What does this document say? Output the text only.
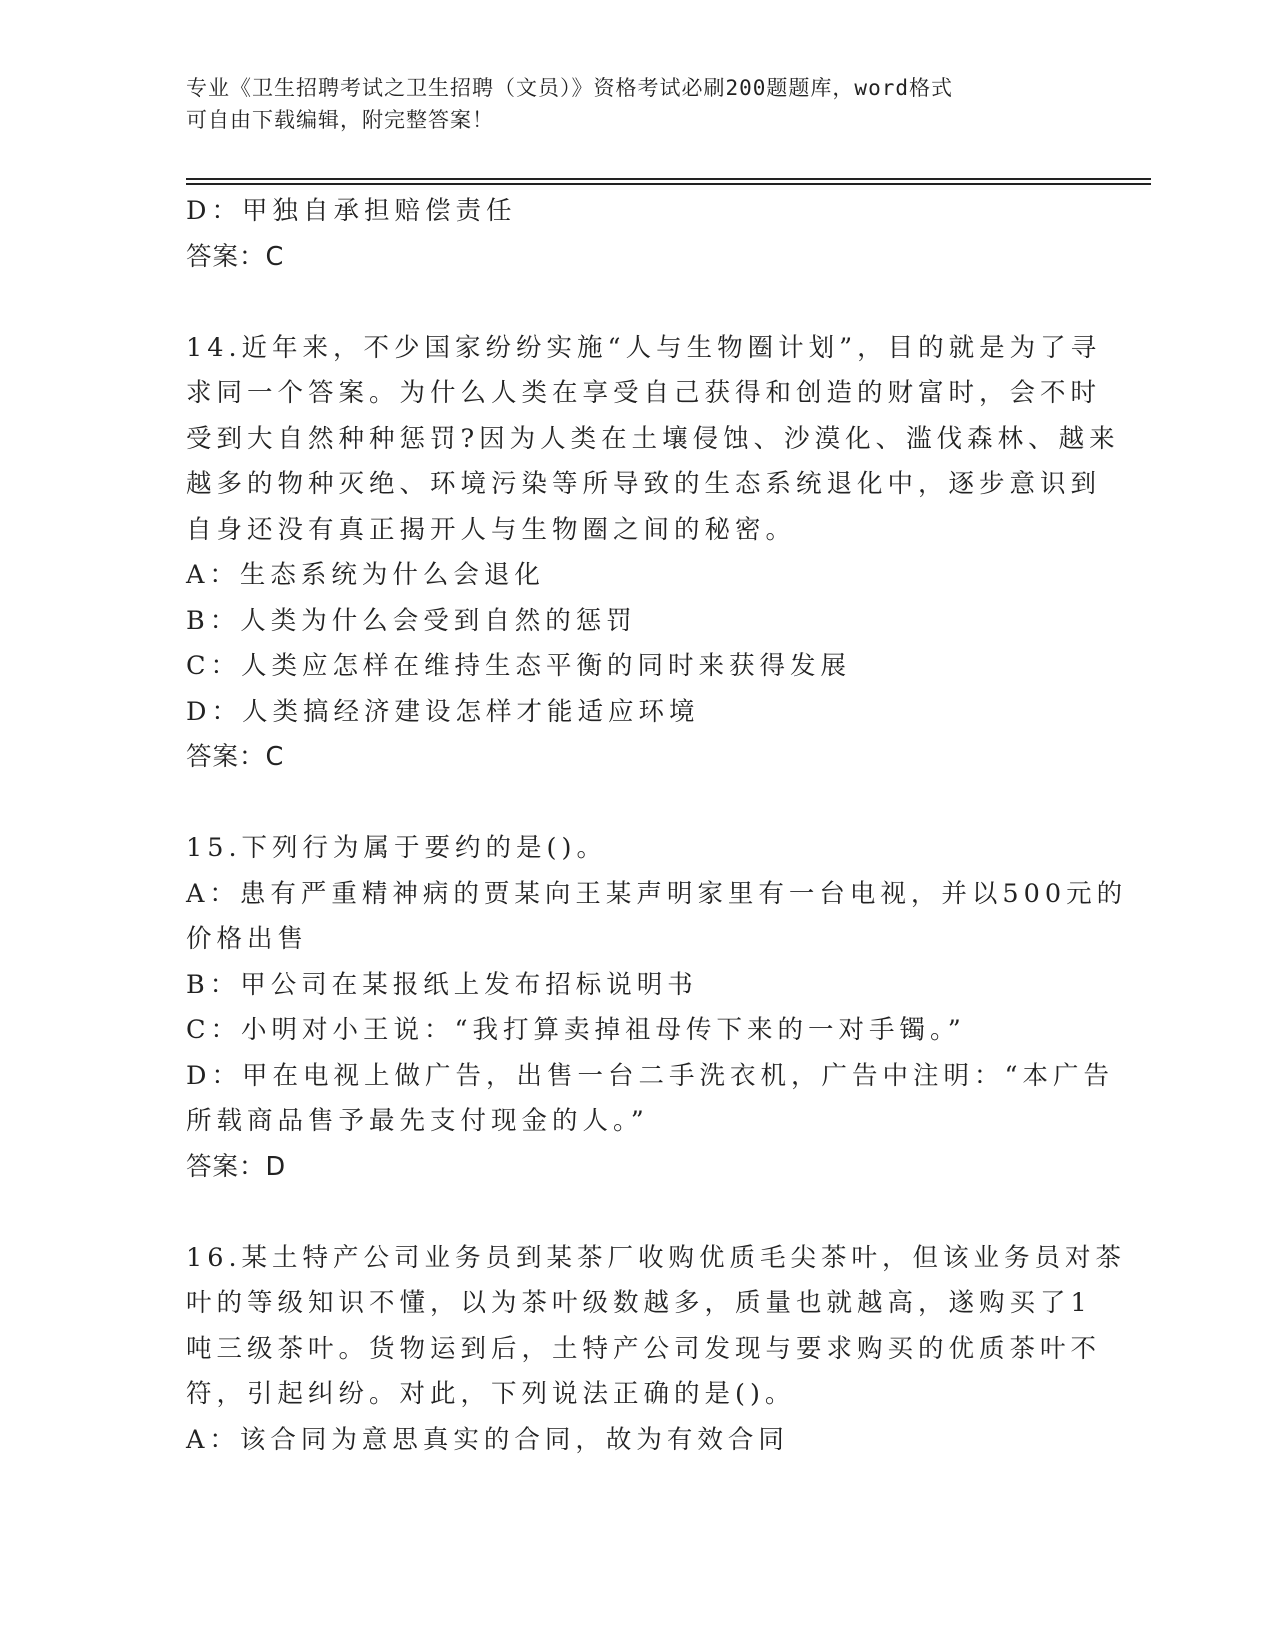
专业《卫生招聘考试之卫生招聘（文员）》资格考试必刷200题题库，word格式
可自由下载编辑，附完整答案！
D：甲独自承担赔偿责任
答案：C
14.近年来，不少国家纷纷实施“人与生物圈计划”，目的就是为了寻
求同一个答案。为什么人类在享受自己获得和创造的财富时，会不时
受到大自然种种惩罚?因为人类在土壤侵蚀、沙漠化、滥伐森林、越来
越多的物种灭绝、环境污染等所导致的生态系统退化中，逐步意识到
自身还没有真正揭开人与生物圈之间的秘密。
A：生态系统为什么会退化
B：人类为什么会受到自然的惩罚
C：人类应怎样在维持生态平衡的同时来获得发展
D：人类搞经济建设怎样才能适应环境
答案：C
15.下列行为属于要约的是()。
A：患有严重精神病的贾某向王某声明家里有一台电视，并以500元的
价格出售
B：甲公司在某报纸上发布招标说明书
C：小明对小王说：“我打算卖掉祖母传下来的一对手镯。”
D：甲在电视上做广告，出售一台二手洗衣机，广告中注明：“本广告
所载商品售予最先支付现金的人。”
答案：D
16.某土特产公司业务员到某茶厂收购优质毛尖茶叶，但该业务员对茶
叶的等级知识不懂，以为茶叶级数越多，质量也就越高，遂购买了1
吨三级茶叶。货物运到后，土特产公司发现与要求购买的优质茶叶不
符，引起纠纷。对此，下列说法正确的是()。
A：该合同为意思真实的合同，故为有效合同
